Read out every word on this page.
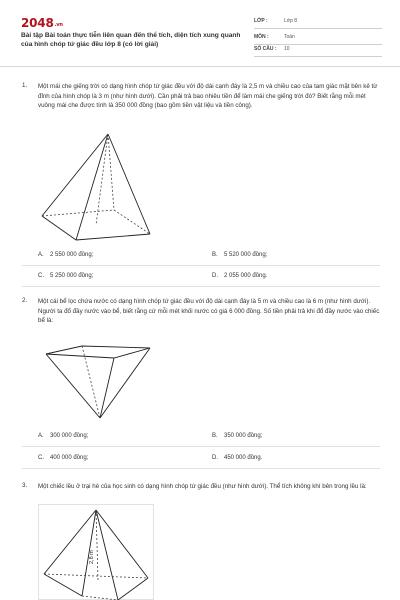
2048.vn
Bài tập Bài toán thực tiễn liên quan đến thể tích, diện tích xung quanh của hình chóp tứ giác đều lớp 8 (có lời giải)
LỚP :	Lớp 8
MÔN :	Toán
SỐ CÂU : 10
1. Một mái che giếng trời có dạng hình chóp tứ giác đều với độ dài cạnh đáy là 2,5 m và chiều cao của tam giác mặt bên kẻ từ đỉnh của hình chóp là 3 m (như hình dưới). Cần phải trả bao nhiêu tiền để làm mái che giếng trời đó? Biết rằng mỗi mét vuông mái che được tính là 350 000 đồng (bao gồm tiền vật liệu và tiền công).
A. 2 550 000 đồng;	B. 5 520 000 đồng;
C. 5 250 000 đồng;	D. 2 055 000 đồng.
2. Một cái bể lọc chứa nước có dạng hình chóp tứ giác đều với độ dài cạnh đáy là 5 m và chiều cao là 6 m (như hình dưới). Người ta đổ đầy nước vào bể, biết rằng cứ mỗi mét khối nước có giá 6 000 đồng. Số tiền phải trả khi đổ đầy nước vào chiếc bể là:
A. 300 000 đồng;	B. 350 000 đồng;
C. 400 000 đồng;	D. 450 000 đồng.
3. Một chiếc lều ở trại hè của học sinh có dạng hình chóp tứ giác đều (như hình dưới). Thể tích không khí bên trong lều là:
2,8 m
